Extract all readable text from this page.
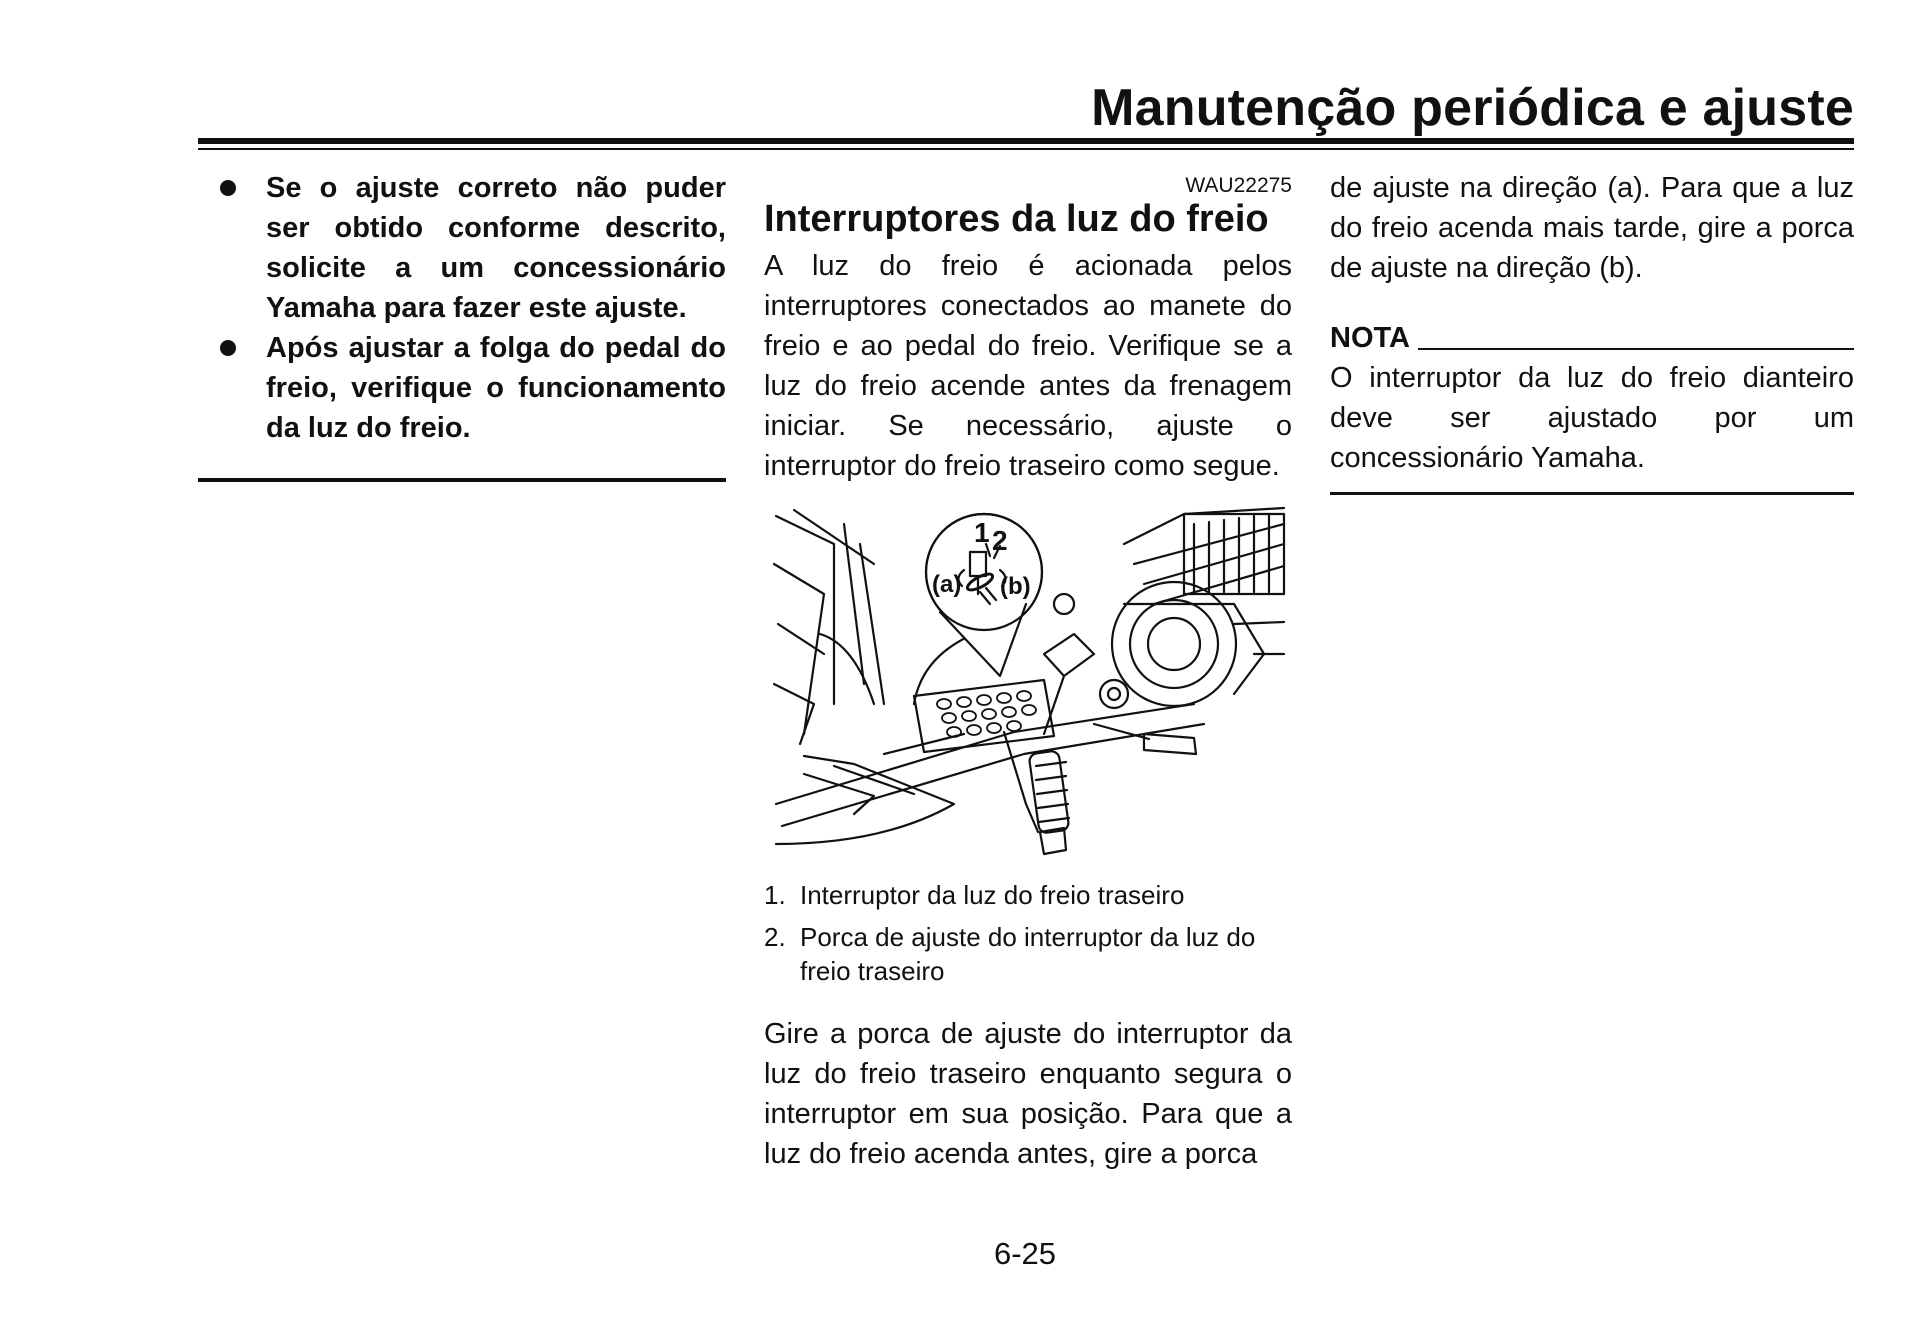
Manutenção periódica e ajuste
Se o ajuste correto não puder ser obtido conforme descrito, solicite a um concessionário Yamaha para fazer este ajuste.
Após ajustar a folga do pedal do freio, verifique o funcionamento da luz do freio.

WAU22275

Interruptores da luz do freio

A luz do freio é acionada pelos interruptores conectados ao manete do freio e ao pedal do freio. Verifique se a luz do freio acende antes da frenagem iniciar. Se necessário, ajuste o interruptor do freio traseiro como segue.

1 2
(a) (b)
1. Interruptor da luz do freio traseiro
2. Porca de ajuste do interruptor da luz do freio traseiro

Gire a porca de ajuste do interruptor da luz do freio traseiro enquanto segura o interruptor em sua posição. Para que a luz do freio acenda antes, gire a porca

de ajuste na direção (a). Para que a luz do freio acenda mais tarde, gire a porca de ajuste na direção (b).

NOTA

O interruptor da luz do freio dianteiro deve ser ajustado por um concessionário Yamaha.

6-25
